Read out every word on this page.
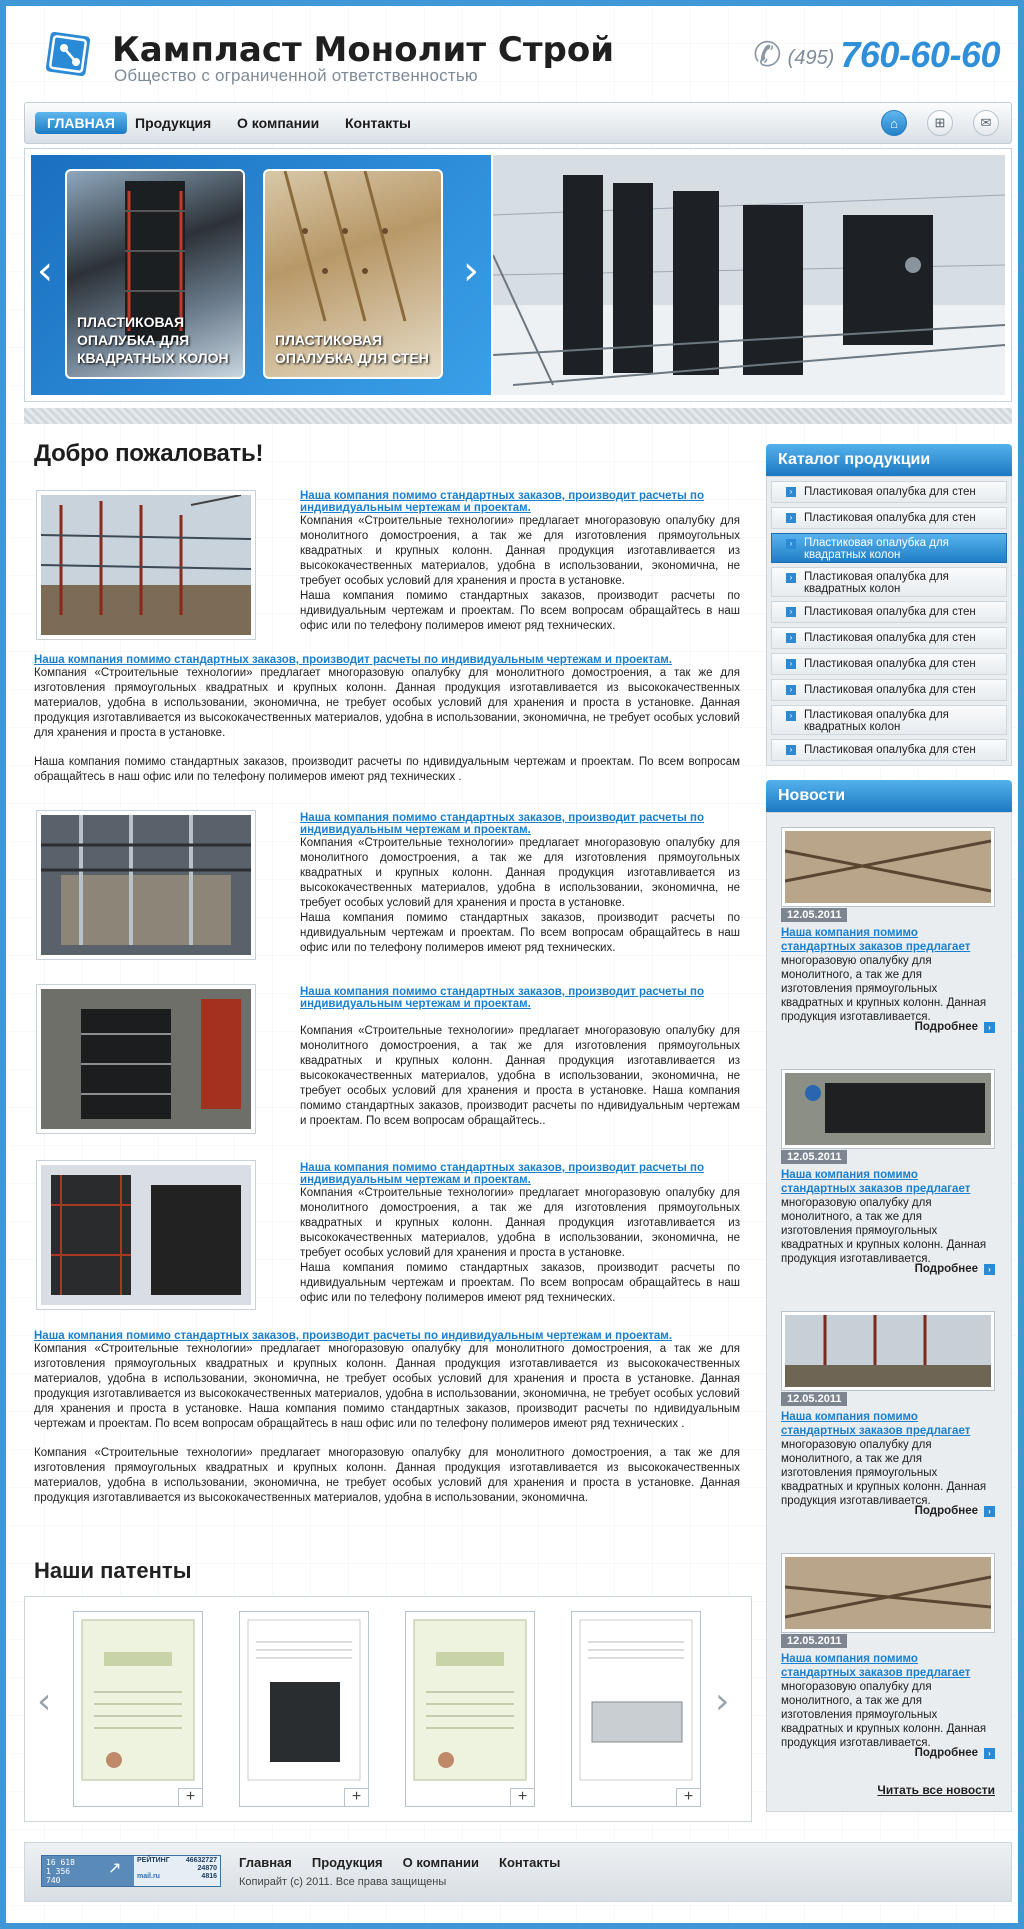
Кампласт Монолит Строй
Общество с ограниченной ответственностью
✆ (495) 760-60-60
ГЛАВНАЯ	Продукция О компании Контакты	⌂	⊞	✉
‹
ПЛАСТИКОВАЯ ОПАЛУБКА ДЛЯ КВАДРАТНЫХ КОЛОН
ПЛАСТИКОВАЯ ОПАЛУБКА ДЛЯ СТЕН
›
Добро пожаловать!
Наша компания помимо стандартных заказов, производит расчеты по индивидуальным чертежам и проектам.
Компания «Строительные технологии» предлагает многоразовую опалубку для монолитного домостроения, а так же для изготовления прямоугольных квадратных и крупных колонн. Данная продукция изготавливается из высококачественных материалов, удобна в использовании, экономична, не требует особых условий для хранения и проста в установке.
Наша компания помимо стандартных заказов, производит расчеты по ндивидуальным чертежам и проектам. По всем вопросам обращайтесь в наш офис или по телефону полимеров имеют ряд технических.
Наша компания помимо стандартных заказов, производит расчеты по индивидуальным чертежам и проектам.
Компания «Строительные технологии» предлагает многоразовую опалубку для монолитного домостроения, а так же для изготовления прямоугольных квадратных и крупных колонн. Данная продукция изготавливается из высококачественных материалов, удобна в использовании, экономична, не требует особых условий для хранения и проста в установке. Данная продукция изготавливается из высококачественных материалов, удобна в использовании, экономична, не требует особых условий для хранения и проста в установке.
Наша компания помимо стандартных заказов, производит расчеты по ндивидуальным чертежам и проектам. По всем вопросам обращайтесь в наш офис или по телефону полимеров имеют ряд технических .
Наша компания помимо стандартных заказов, производит расчеты по индивидуальным чертежам и проектам.
Компания «Строительные технологии» предлагает многоразовую опалубку для монолитного домостроения, а так же для изготовления прямоугольных квадратных и крупных колонн. Данная продукция изготавливается из высококачественных материалов, удобна в использовании, экономична, не требует особых условий для хранения и проста в установке.
Наша компания помимо стандартных заказов, производит расчеты по ндивидуальным чертежам и проектам. По всем вопросам обращайтесь в наш офис или по телефону полимеров имеют ряд технических.
Наша компания помимо стандартных заказов, производит расчеты по индивидуальным чертежам и проектам.
Компания «Строительные технологии» предлагает многоразовую опалубку для монолитного домостроения, а так же для изготовления прямоугольных квадратных и крупных колонн. Данная продукция изготавливается из высококачественных материалов, удобна в использовании, экономична, не требует особых условий для хранения и проста в установке. Наша компания помимо стандартных заказов, производит расчеты по ндивидуальным чертежам и проектам. По всем вопросам обращайтесь..
Наша компания помимо стандартных заказов, производит расчеты по индивидуальным чертежам и проектам.
Компания «Строительные технологии» предлагает многоразовую опалубку для монолитного домостроения, а так же для изготовления прямоугольных квадратных и крупных колонн. Данная продукция изготавливается из высококачественных материалов, удобна в использовании, экономична, не требует особых условий для хранения и проста в установке.
Наша компания помимо стандартных заказов, производит расчеты по ндивидуальным чертежам и проектам. По всем вопросам обращайтесь в наш офис или по телефону полимеров имеют ряд технических.
Наша компания помимо стандартных заказов, производит расчеты по индивидуальным чертежам и проектам.
Компания «Строительные технологии» предлагает многоразовую опалубку для монолитного домостроения, а так же для изготовления прямоугольных квадратных и крупных колонн. Данная продукция изготавливается из высококачественных материалов, удобна в использовании, экономична, не требует особых условий для хранения и проста в установке. Данная продукция изготавливается из высококачественных материалов, удобна в использовании, экономична, не требует особых условий для хранения и проста в установке. Наша компания помимо стандартных заказов, производит расчеты по ндивидуальным чертежам и проектам. По всем вопросам обращайтесь в наш офис или по телефону полимеров имеют ряд технических .
Компания «Строительные технологии» предлагает многоразовую опалубку для монолитного домостроения, а так же для изготовления прямоугольных квадратных и крупных колонн. Данная продукция изготавливается из высококачественных материалов, удобна в использовании, экономична, не требует особых условий для хранения и проста в установке. Данная продукция изготавливается из высококачественных материалов, удобна в использовании, экономична.
Наши патенты
‹
+	+	+	+
›
Каталог продукции
›	Пластиковая опалубка для стен
›	Пластиковая опалубка для стен
›	Пластиковая опалубка для квадратных колон
›	Пластиковая опалубка для квадратных колон
›	Пластиковая опалубка для стен
›	Пластиковая опалубка для стен
›	Пластиковая опалубка для стен
›	Пластиковая опалубка для стен
›	Пластиковая опалубка для квадратных колон
›	Пластиковая опалубка для стен
Новости
12.05.2011
Наша компания помимо стандартных заказов предлагает многоразовую опалубку для монолитного, а так же для изготовления прямоугольных квадратных и крупных колонн. Данная продукция изготавливается.
Подробнее ›
12.05.2011
Наша компания помимо стандартных заказов предлагает многоразовую опалубку для монолитного, а так же для изготовления прямоугольных квадратных и крупных колонн. Данная продукция изготавливается.
Подробнее ›
12.05.2011
Наша компания помимо стандартных заказов предлагает многоразовую опалубку для монолитного, а так же для изготовления прямоугольных квадратных и крупных колонн. Данная продукция изготавливается.
Подробнее ›
12.05.2011
Наша компания помимо стандартных заказов предлагает многоразовую опалубку для монолитного, а так же для изготовления прямоугольных квадратных и крупных колонн. Данная продукция изготавливается.
Подробнее ›
Читать все новости
16 618
1 356
740
↗	РЕЙТИНГ 46632727
24870
mail.ru	4816
Главная Продукция О компании Контакты
Копирайт (с) 2011. Все права защищены
